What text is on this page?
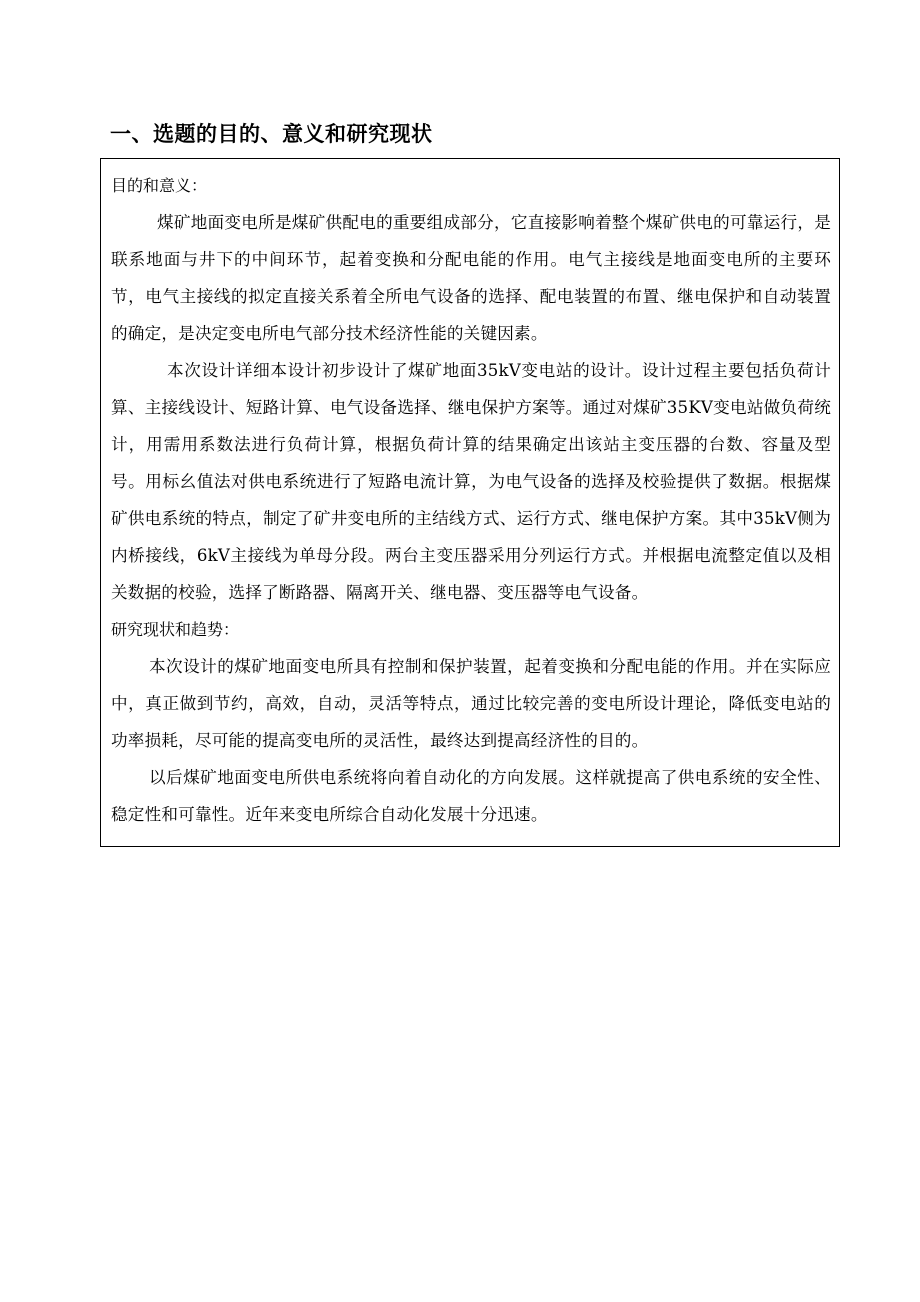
一、选题的目的、意义和研究现状
目的和意义：

煤矿地面变电所是煤矿供配电的重要组成部分，它直接影响着整个煤矿供电的可靠运行，是联系地面与井下的中间环节，起着变换和分配电能的作用。电气主接线是地面变电所的主要环节，电气主接线的拟定直接关系着全所电气设备的选择、配电装置的布置、继电保护和自动装置的确定，是决定变电所电气部分技术经济性能的关键因素。

本次设计详细本设计初步设计了煤矿地面35kV变电站的设计。设计过程主要包括负荷计算、主接线设计、短路计算、电气设备选择、继电保护方案等。通过对煤矿35KV变电站做负荷统计，用需用系数法进行负荷计算，根据负荷计算的结果确定出该站主变压器的台数、容量及型号。用标幺值法对供电系统进行了短路电流计算，为电气设备的选择及校验提供了数据。根据煤矿供电系统的特点，制定了矿井变电所的主结线方式、运行方式、继电保护方案。其中35kV侧为内桥接线，6kV主接线为单母分段。两台主变压器采用分列运行方式。并根据电流整定值以及相关数据的校验，选择了断路器、隔离开关、继电器、变压器等电气设备。

研究现状和趋势：

本次设计的煤矿地面变电所具有控制和保护装置，起着变换和分配电能的作用。并在实际应中，真正做到节约，高效，自动，灵活等特点，通过比较完善的变电所设计理论，降低变电站的功率损耗，尽可能的提高变电所的灵活性，最终达到提高经济性的目的。

以后煤矿地面变电所供电系统将向着自动化的方向发展。这样就提高了供电系统的安全性、稳定性和可靠性。近年来变电所综合自动化发展十分迅速。
